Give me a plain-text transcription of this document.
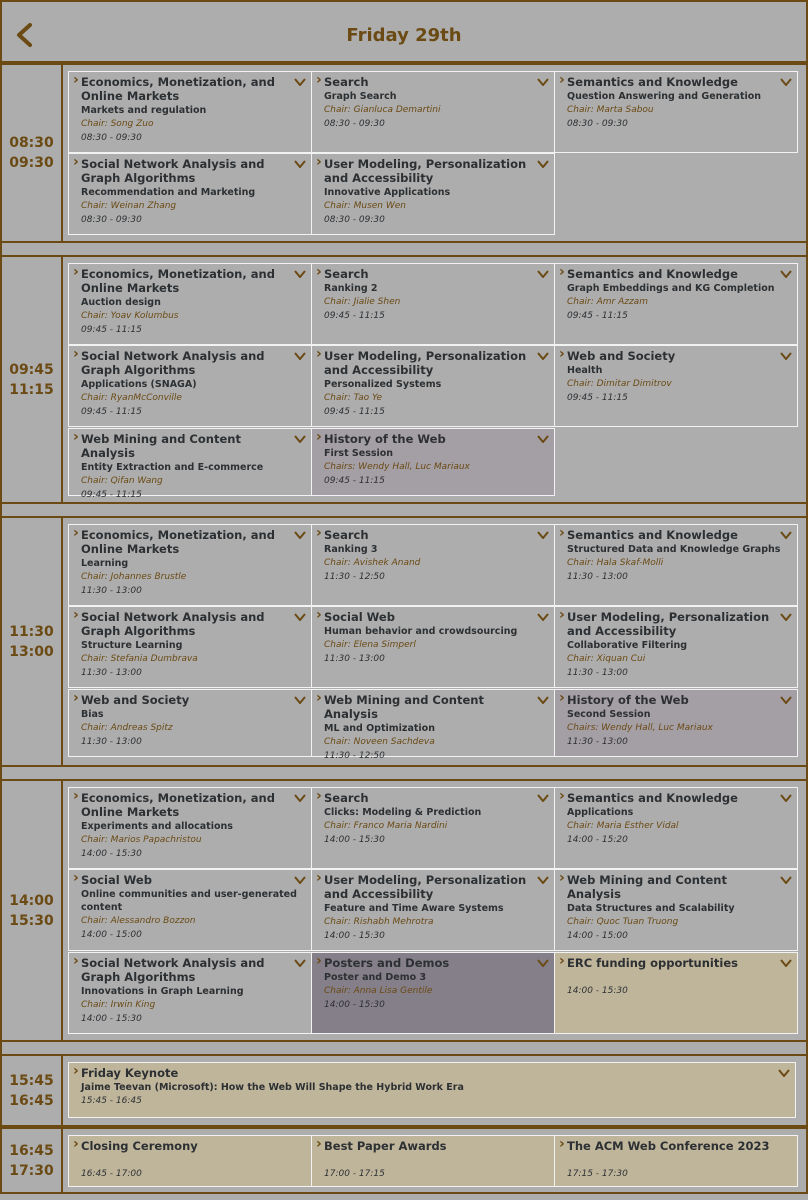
Friday 29th
08:30
09:30
› Economics, Monetization, and Online Markets
Markets and regulation
Chair: Song Zuo
08:30 - 09:30
› Search
Graph Search
Chair: Gianluca Demartini
08:30 - 09:30
› Semantics and Knowledge
Question Answering and Generation
Chair: Marta Sabou
08:30 - 09:30
› Social Network Analysis and Graph Algorithms
Recommendation and Marketing
Chair: Weinan Zhang
08:30 - 09:30
› User Modeling, Personalization and Accessibility
Innovative Applications
Chair: Musen Wen
08:30 - 09:30
09:45
11:15
› Economics, Monetization, and Online Markets
Auction design
Chair: Yoav Kolumbus
09:45 - 11:15
› Search
Ranking 2
Chair: Jialie Shen
09:45 - 11:15
› Semantics and Knowledge
Graph Embeddings and KG Completion
Chair: Amr Azzam
09:45 - 11:15
› Social Network Analysis and Graph Algorithms
Applications (SNAGA)
Chair: RyanMcConville
09:45 - 11:15
› User Modeling, Personalization and Accessibility
Personalized Systems
Chair: Tao Ye
09:45 - 11:15
› Web and Society
Health
Chair: Dimitar Dimitrov
09:45 - 11:15
› Web Mining and Content Analysis
Entity Extraction and E-commerce
Chair: Qifan Wang
09:45 - 11:15
› History of the Web
First Session
Chairs: Wendy Hall, Luc Mariaux
09:45 - 11:15
11:30
13:00
› Economics, Monetization, and Online Markets
Learning
Chair: Johannes Brustle
11:30 - 13:00
› Search
Ranking 3
Chair: Avishek Anand
11:30 - 12:50
› Semantics and Knowledge
Structured Data and Knowledge Graphs
Chair: Hala Skaf-Molli
11:30 - 13:00
› Social Network Analysis and Graph Algorithms
Structure Learning
Chair: Stefania Dumbrava
11:30 - 13:00
› Social Web
Human behavior and crowdsourcing
Chair: Elena Simperl
11:30 - 13:00
› User Modeling, Personalization and Accessibility
Collaborative Filtering
Chair: Xiquan Cui
11:30 - 13:00
› Web and Society
Bias
Chair: Andreas Spitz
11:30 - 13:00
› Web Mining and Content Analysis
ML and Optimization
Chair: Noveen Sachdeva
11:30 - 12:50
› History of the Web
Second Session
Chairs: Wendy Hall, Luc Mariaux
11:30 - 13:00
14:00
15:30
› Economics, Monetization, and Online Markets
Experiments and allocations
Chair: Marios Papachristou
14:00 - 15:30
› Search
Clicks: Modeling & Prediction
Chair: Franco Maria Nardini
14:00 - 15:30
› Semantics and Knowledge
Applications
Chair: Maria Esther Vidal
14:00 - 15:20
› Social Web
Online communities and user-generated content
Chair: Alessandro Bozzon
14:00 - 15:00
› User Modeling, Personalization and Accessibility
Feature and Time Aware Systems
Chair: Rishabh Mehrotra
14:00 - 15:30
› Web Mining and Content Analysis
Data Structures and Scalability
Chair: Quoc Tuan Truong
14:00 - 15:00
› Social Network Analysis and Graph Algorithms
Innovations in Graph Learning
Chair: Irwin King
14:00 - 15:30
› Posters and Demos
Poster and Demo 3
Chair: Anna Lisa Gentile
14:00 - 15:30
› ERC funding opportunities
14:00 - 15:30
15:45
16:45
› Friday Keynote
Jaime Teevan (Microsoft): How the Web Will Shape the Hybrid Work Era
15:45 - 16:45
16:45
17:30
› Closing Ceremony
16:45 - 17:00
› Best Paper Awards
17:00 - 17:15
› The ACM Web Conference 2023
17:15 - 17:30
